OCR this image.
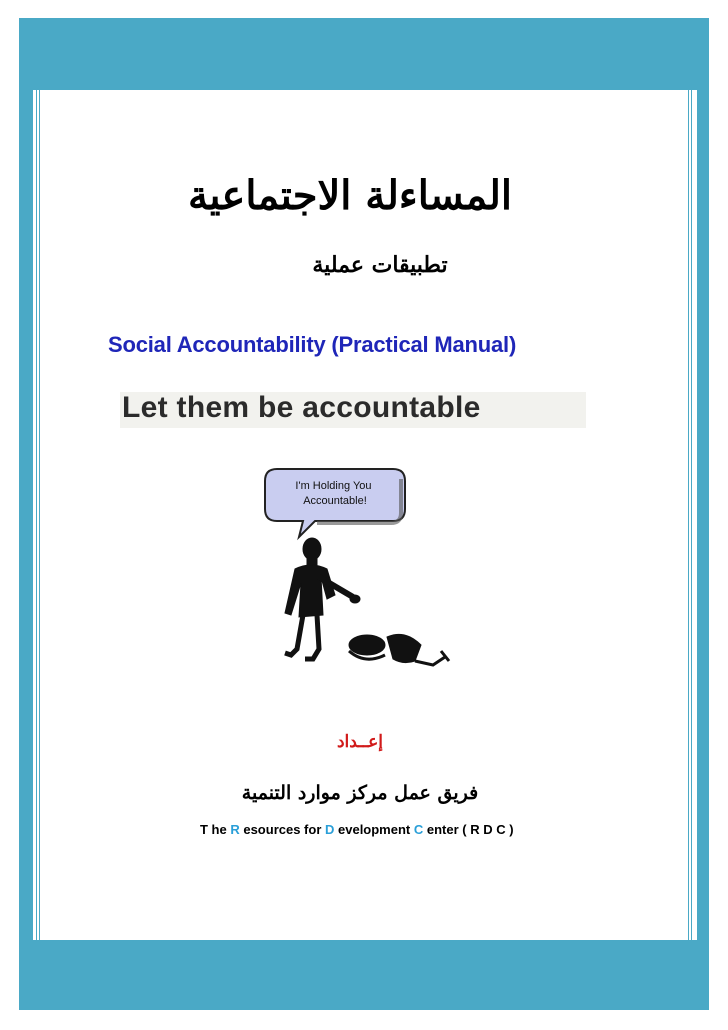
المساءلة الاجتماعية
تطبيقات عملية
Social Accountability (Practical Manual)
Let them be accountable
I'm Holding You Accountable!
إعــداد
فريق عمل مركز موارد التنمية
T he R esources for D evelopment C enter ( R D C )
